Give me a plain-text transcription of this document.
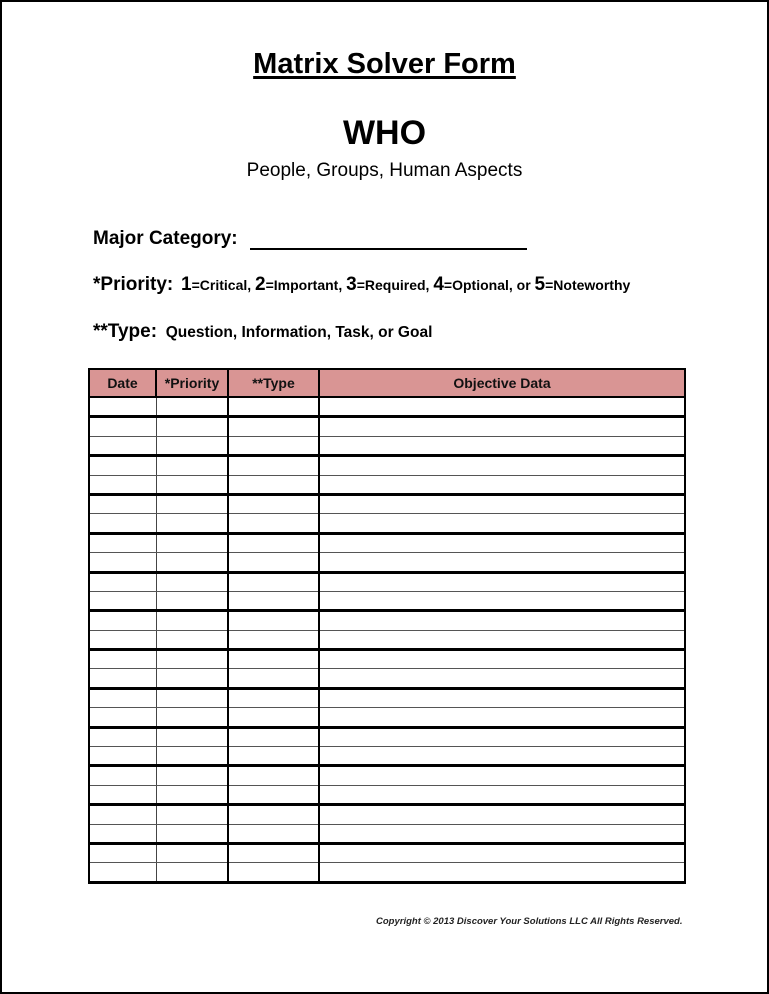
Matrix Solver Form
WHO
People, Groups, Human Aspects
Major Category:
*Priority: 1=Critical, 2=Important, 3=Required, 4=Optional, or 5=Noteworthy
**Type: Question, Information, Task, or Goal
Date	*Priority	**Type	Objective Data

Copyright © 2013 Discover Your Solutions LLC All Rights Reserved.
